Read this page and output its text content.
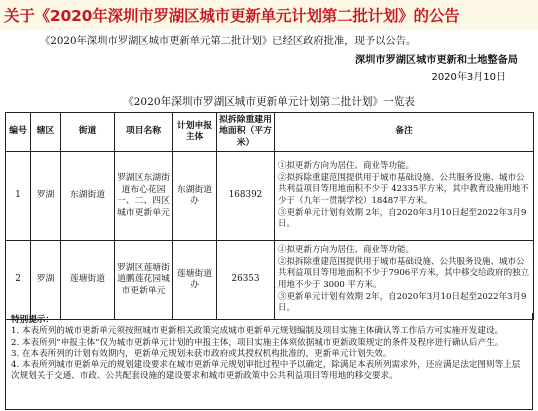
关于《2020年深圳市罗湖区城市更新单元计划第二批计划》的公告
《2020年深圳市罗湖区城市更新单元第二批计划》已经区政府批准，现予以公告。
深圳市罗湖区城市更新和土地整备局
2020年3月10日
《2020年深圳市罗湖区城市更新单元计划第二批计划》一览表
编号	辖区	街道	项目名称	计划申报主体	拟拆除重建用地面积（平方米）	备注
1	罗湖	东湖街道	罗湖区东湖街道布心花园一、二、四区城市更新单元	东湖街道办	168392	①拟更新方向为居住、商业等功能。
②拟拆除重建范围提供用于城市基础设施、公共服务设施、城市公共利益项目等用地面积不少于 42335平方米，其中教育设施用地不少于（九年一贯制学校）18487平方米。
③更新单元计划有效期 2年，自2020年3月10日起至2022年3月9日。

2	罗湖	莲塘街道	罗湖区莲塘街道鹏莲花园城市更新单元	莲塘街道办	26353	①拟更新方向为居住、商业等功能。
②拟拆除重建范围提供用于城市基础设施、公共服务设施、城市公共利益项目等用地面积不少于7906平方米，其中移交给政府的独立用地不少于 3000 平方米。
③更新单元计划有效期 2年，自2020年3月10日起至2022年3月9日。

特别提示：

1. 本表所列的城市更新单元须按照城市更新相关政策完成城市更新单元规划编制及项目实施主体确认等工作后方可实施开发建设。

2. 本表所列“申报主体”仅为城市更新单元计划的申报主体，项目实施主体须依据城市更新政策规定的条件及程序进行确认后产生。

3. 在本表所列的计划有效期内，更新单元规划未获市政府或其授权机构批准的，更新单元计划失效。

4. 本表所列城市更新单元的规划建设要求在城市更新单元规划审批过程中予以确定，除满足本表所列需求外，还应满足法定图则等上层次规划关于交通、市政、公共配套设施的建设要求和城市更新政策中公共利益项目等用地的移交要求。
